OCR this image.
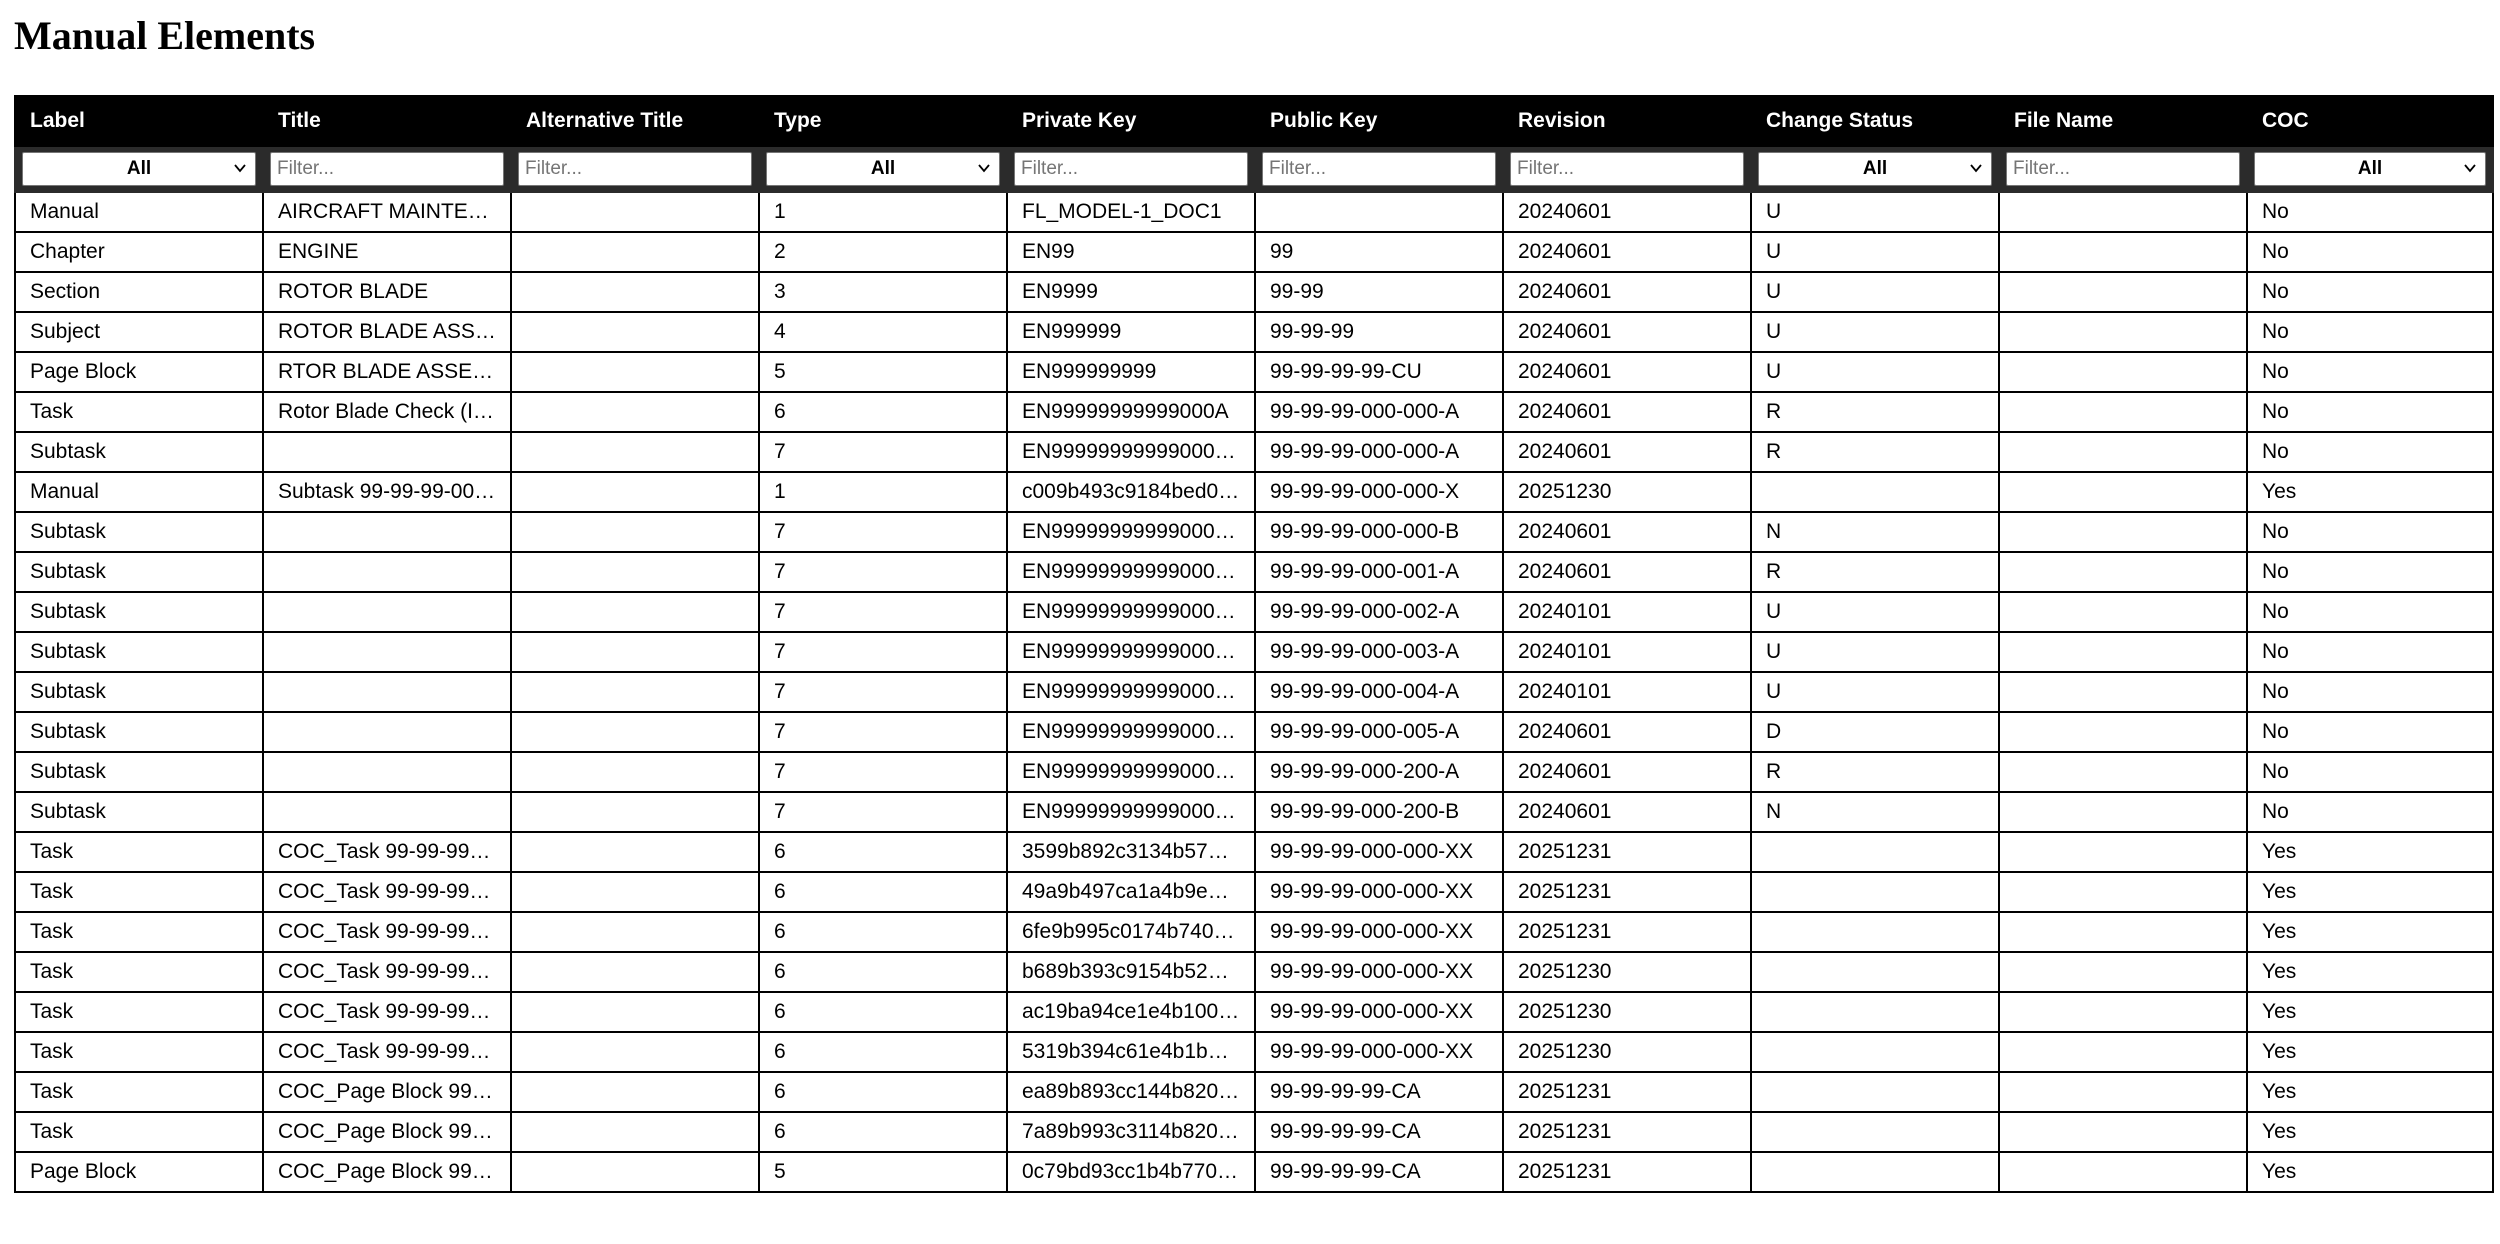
Manual Elements
Label	Title	Alternative Title	Type	Private Key	Public Key	Revision	Change Status	File Name	COC

All

Filter...	
Filter...	All

Filter...	
Filter...	
Filter...	All

Filter...	All

Manual	AIRCRAFT MAINTE…		1	FL_MODEL-1_DOC1		20240601	U		No
Chapter	ENGINE		2	EN99	99	20240601	U		No
Section	ROTOR BLADE		3	EN9999	99-99	20240601	U		No
Subject	ROTOR BLADE ASS…		4	EN999999	99-99-99	20240601	U		No
Page Block	RTOR BLADE ASSE…		5	EN999999999	99-99-99-99-CU	20240601	U		No
Task	Rotor Blade Check (I…		6	EN99999999999000A	99-99-99-000-000-A	20240601	R		No
Subtask			7	EN99999999999000…	99-99-99-000-000-A	20240601	R		No
Manual	Subtask 99-99-99-00…		1	c009b493c9184bed0…	99-99-99-000-000-X	20251230			Yes
Subtask			7	EN99999999999000…	99-99-99-000-000-B	20240601	N		No
Subtask			7	EN99999999999000…	99-99-99-000-001-A	20240601	R		No
Subtask			7	EN99999999999000…	99-99-99-000-002-A	20240101	U		No
Subtask			7	EN99999999999000…	99-99-99-000-003-A	20240101	U		No
Subtask			7	EN99999999999000…	99-99-99-000-004-A	20240101	U		No
Subtask			7	EN99999999999000…	99-99-99-000-005-A	20240601	D		No
Subtask			7	EN99999999999000…	99-99-99-000-200-A	20240601	R		No
Subtask			7	EN99999999999000…	99-99-99-000-200-B	20240601	N		No
Task	COC_Task 99-99-99…		6	3599b892c3134b570…	99-99-99-000-000-XX	20251231			Yes
Task	COC_Task 99-99-99…		6	49a9b497ca1a4b9e0…	99-99-99-000-000-XX	20251231			Yes
Task	COC_Task 99-99-99…		6	6fe9b995c0174b740f…	99-99-99-000-000-XX	20251231			Yes
Task	COC_Task 99-99-99…		6	b689b393c9154b520…	99-99-99-000-000-XX	20251230			Yes
Task	COC_Task 99-99-99…		6	ac19ba94ce1e4b100…	99-99-99-000-000-XX	20251230			Yes
Task	COC_Task 99-99-99…		6	5319b394c61e4b1b0…	99-99-99-000-000-XX	20251230			Yes
Task	COC_Page Block 99…		6	ea89b893cc144b820…	99-99-99-99-CA	20251231			Yes
Task	COC_Page Block 99…		6	7a89b993c3114b820…	99-99-99-99-CA	20251231			Yes
Page Block	COC_Page Block 99…		5	0c79bd93cc1b4b770…	99-99-99-99-CA	20251231			Yes
